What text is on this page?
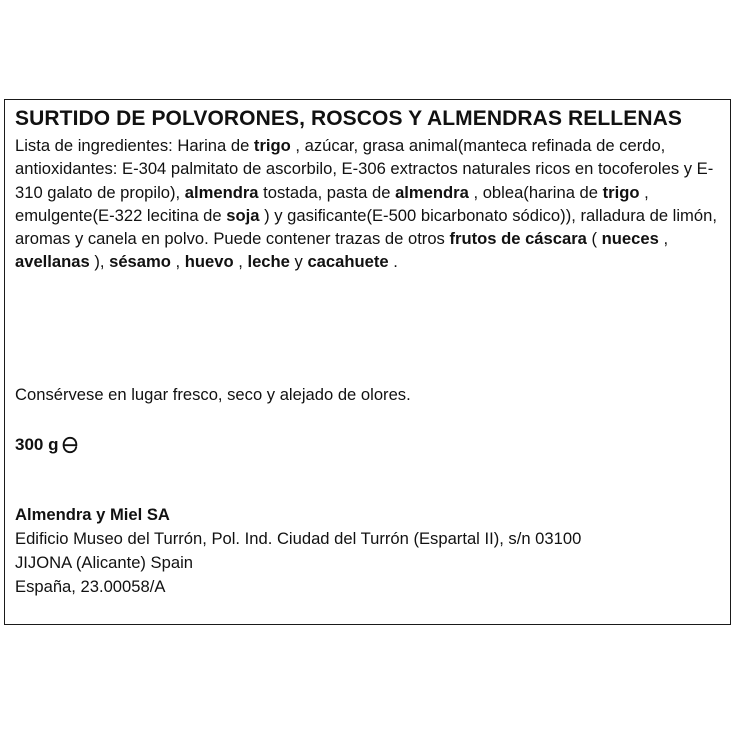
SURTIDO DE POLVORONES, ROSCOS Y ALMENDRAS RELLENAS

Lista de ingredientes: Harina de trigo , azúcar, grasa animal(manteca refinada de cerdo, antioxidantes: E-304 palmitato de ascorbilo, E-306 extractos naturales ricos en tocoferoles y E-310 galato de propilo), almendra tostada, pasta de almendra , oblea(harina de trigo , emulgente(E-322 lecitina de soja ) y gasificante(E-500 bicarbonato sódico)), ralladura de limón, aromas y canela en polvo. Puede contener trazas de otros frutos de cáscara ( nueces , avellanas ), sésamo , huevo , leche y cacahuete .

Consérvese en lugar fresco, seco y alejado de olores.

300 g
Almendra y Miel SA
Edificio Museo del Turrón, Pol. Ind. Ciudad del Turrón (Espartal II), s/n 03100
JIJONA (Alicante) Spain
España, 23.00058/A
